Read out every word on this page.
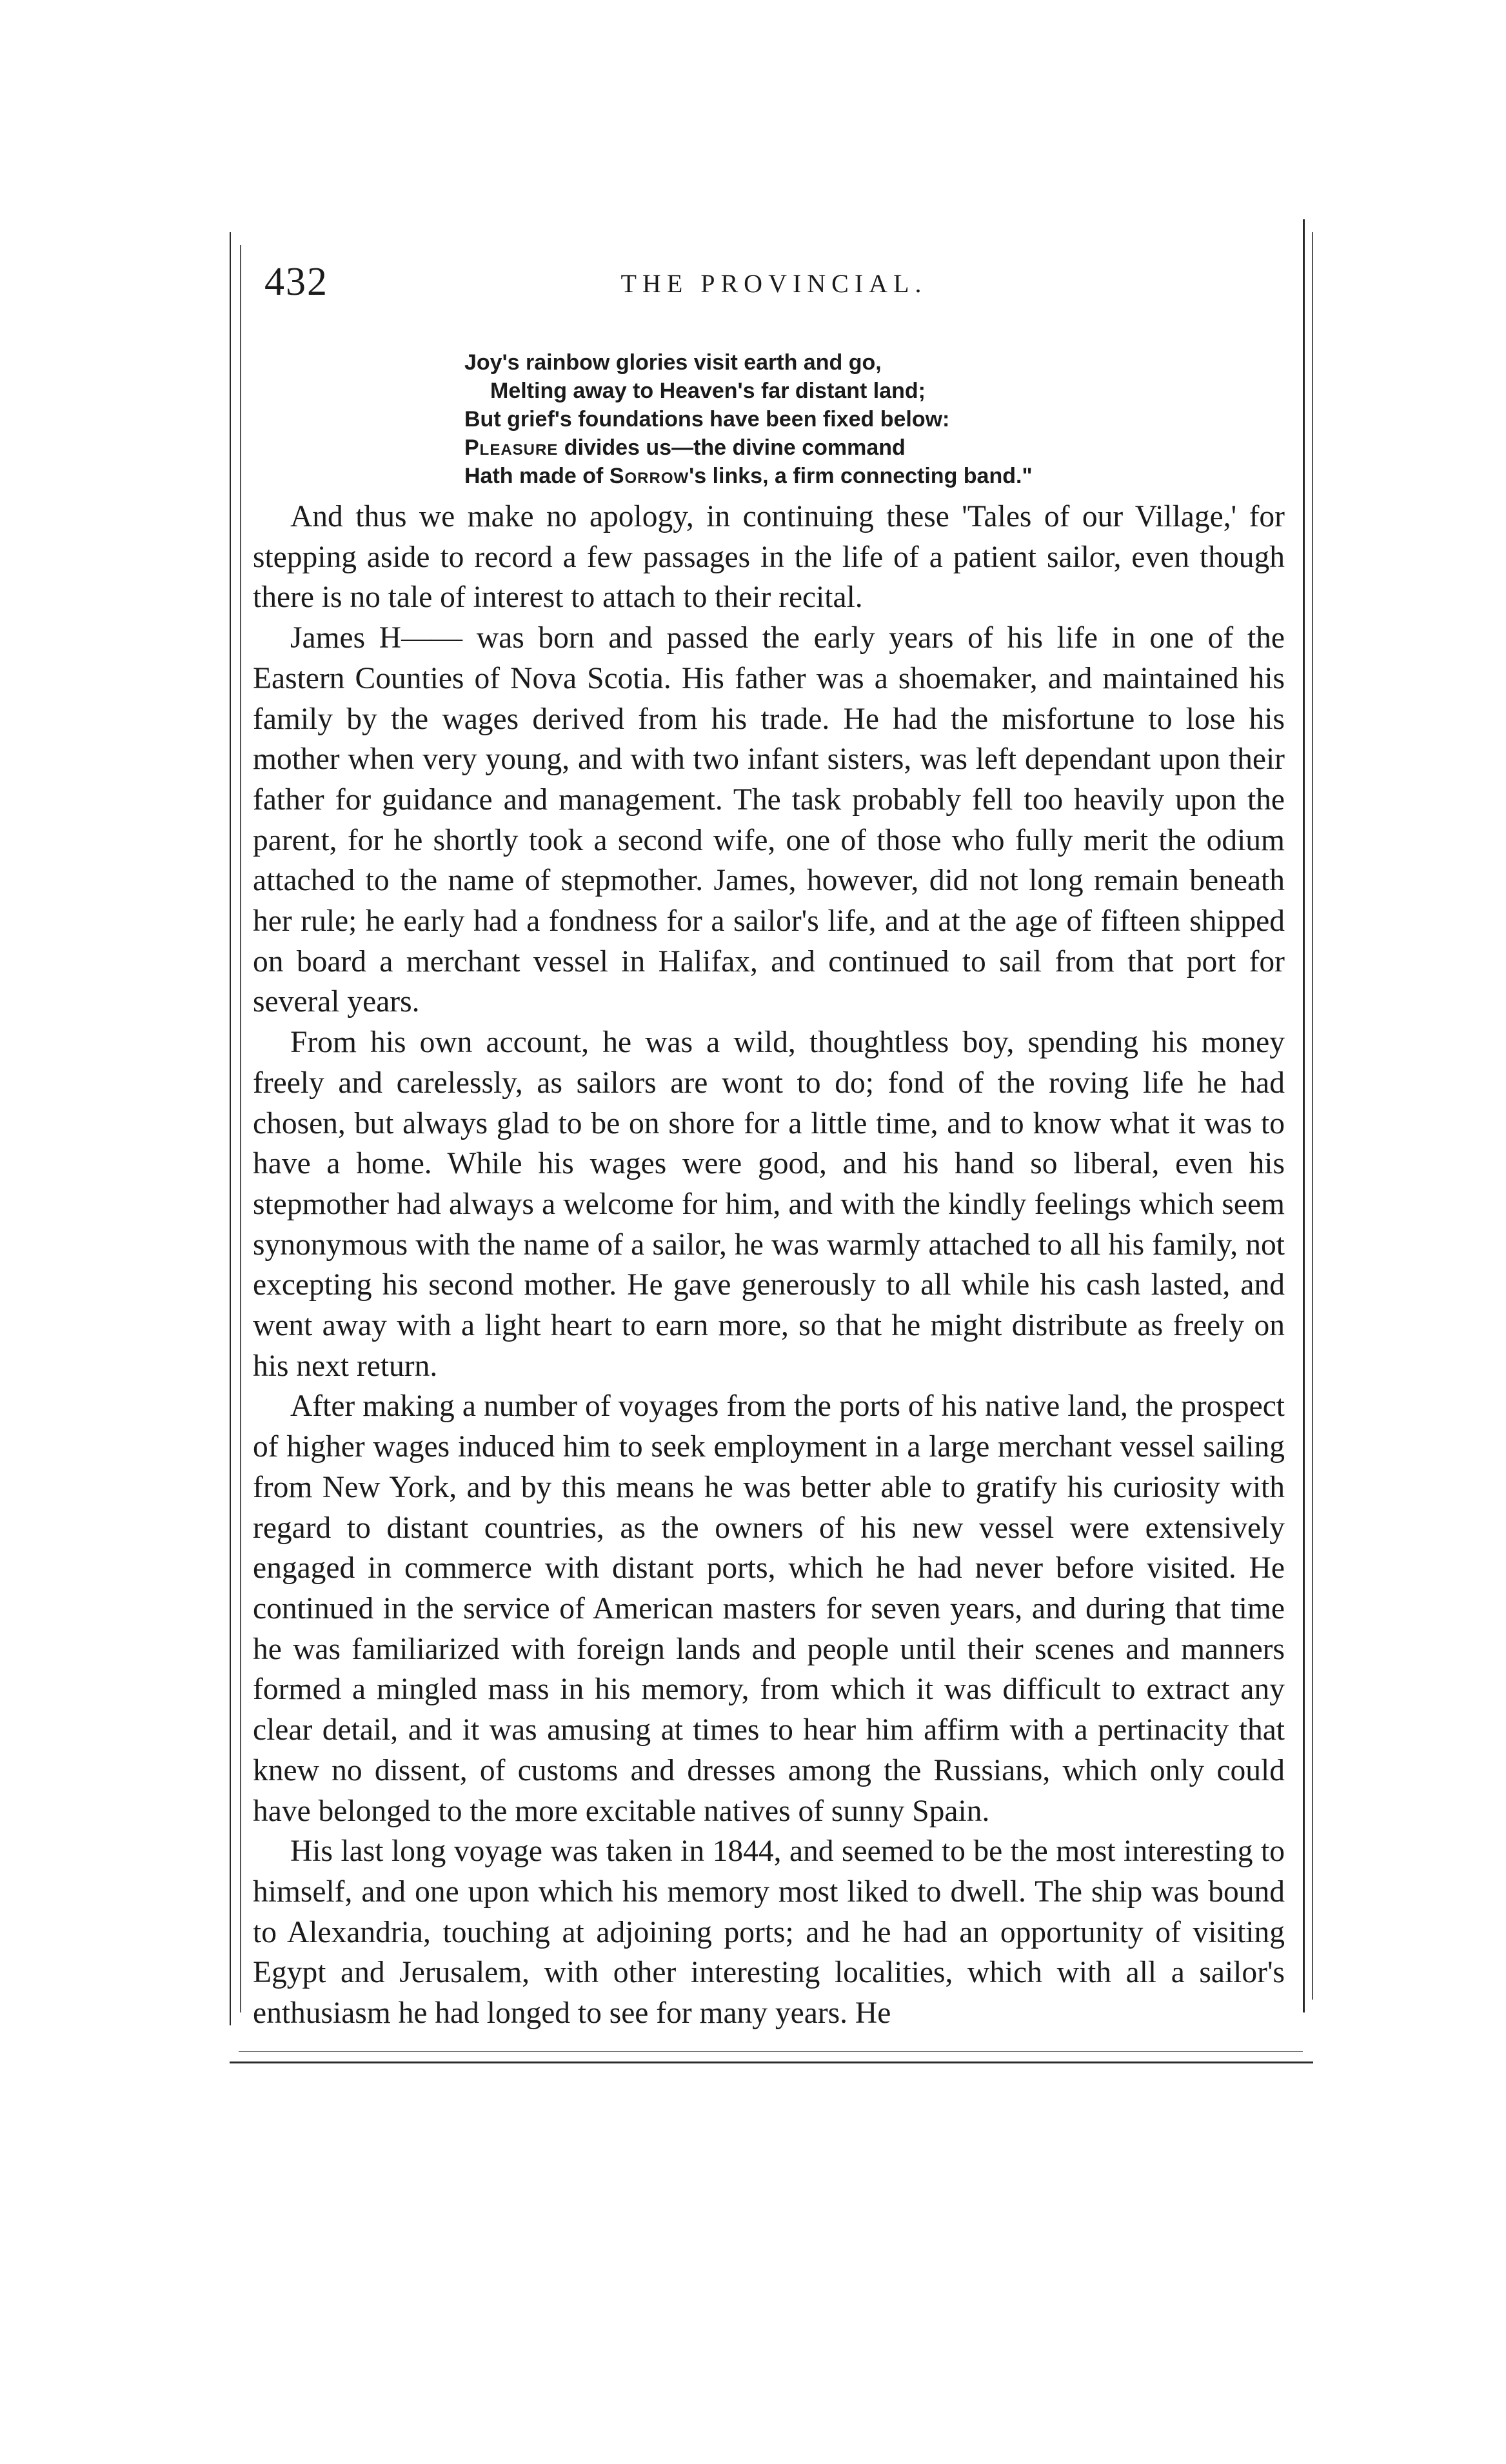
432	THE PROVINCIAL.
Joy's rainbow glories visit earth and go,
Melting away to Heaven's far distant land;
But grief's foundations have been fixed below:
Pleasure divides us—the divine command
Hath made of Sorrow's links, a firm connecting band."

And thus we make no apology, in continuing these 'Tales of our Village,' for stepping aside to record a few passages in the life of a patient sailor, even though there is no tale of interest to attach to their recital.

James H—— was born and passed the early years of his life in one of the Eastern Counties of Nova Scotia. His father was a shoemaker, and maintained his family by the wages derived from his trade. He had the misfortune to lose his mother when very young, and with two infant sisters, was left dependant upon their father for guidance and management. The task probably fell too heavily upon the parent, for he shortly took a second wife, one of those who fully merit the odium attached to the name of stepmother. James, however, did not long remain beneath her rule; he early had a fondness for a sailor's life, and at the age of fifteen shipped on board a merchant vessel in Halifax, and continued to sail from that port for several years.

From his own account, he was a wild, thoughtless boy, spending his money freely and carelessly, as sailors are wont to do; fond of the roving life he had chosen, but always glad to be on shore for a little time, and to know what it was to have a home. While his wages were good, and his hand so liberal, even his stepmother had always a welcome for him, and with the kindly feelings which seem synonymous with the name of a sailor, he was warmly attached to all his family, not excepting his second mother. He gave generously to all while his cash lasted, and went away with a light heart to earn more, so that he might distribute as freely on his next return.

After making a number of voyages from the ports of his native land, the prospect of higher wages induced him to seek employment in a large merchant vessel sailing from New York, and by this means he was better able to gratify his curiosity with regard to distant countries, as the owners of his new vessel were extensively engaged in commerce with distant ports, which he had never before visited. He continued in the service of American masters for seven years, and during that time he was familiarized with foreign lands and people until their scenes and manners formed a mingled mass in his memory, from which it was difficult to extract any clear detail, and it was amusing at times to hear him affirm with a pertinacity that knew no dissent, of customs and dresses among the Russians, which only could have belonged to the more excitable natives of sunny Spain.

His last long voyage was taken in 1844, and seemed to be the most interesting to himself, and one upon which his memory most liked to dwell. The ship was bound to Alexandria, touching at adjoining ports; and he had an opportunity of visiting Egypt and Jerusalem, with other interesting localities, which with all a sailor's enthusiasm he had longed to see for many years. He
